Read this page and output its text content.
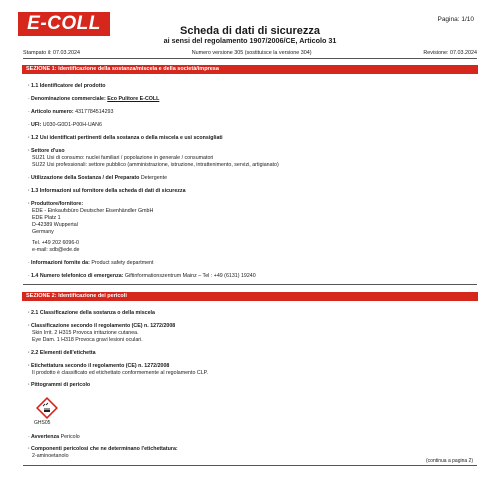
E-COLL	Pagina: 1/10
Scheda di dati di sicurezza
ai sensi del regolamento 1907/2006/CE, Articolo 31
Stampato il: 07.03.2024	Numero versione 305 (sostituisce la versione 304)	Revisione: 07.03.2024
SEZIONE 1: Identificazione della sostanza/miscela e della società/impresa
·1.1 Identificatore del prodotto
·Denominazione commerciale: Eco Pulitore E-COLL
·Articolo numero: 4317784514293
·UFI: U030-G0D1-P00H-UAN6
·1.2 Usi identificati pertinenti della sostanza o della miscela e usi sconsigliati
·Settore d'uso
SU21 Usi di consumo: nuclei familiari / popolazione in generale / consumatori
SU22 Usi professionali: settore pubblico (amministrazione, istruzione, intrattenimento, servizi, artigianato)
·Utilizzazione della Sostanza / del Preparato Detergente
·1.3 Informazioni sul fornitore della scheda di dati di sicurezza
·Produttore/fornitore:
EDE - Einkaufsbüro Deutscher Eisenhändler GmbH
EDE Platz 1
D-42389 Wuppertal
Germany
Tel. +49 202 6096-0
e-mail: sdb@ede.de
·Informazioni fornite da: Product safety department
·1.4 Numero telefonico di emergenza: Giftinformationszentrum Mainz – Tel : +49 (6131) 19240
SEZIONE 2: Identificazione dei pericoli
·2.1 Classificazione della sostanza o della miscela
·Classificazione secondo il regolamento (CE) n. 1272/2008
Skin Irrit. 2 H315 Provoca irritazione cutanea.
Eye Dam. 1 H318 Provoca gravi lesioni oculari.
·2.2 Elementi dell'etichetta
·Etichettatura secondo il regolamento (CE) n. 1272/2008
Il prodotto è classificato ed etichettato conformemente al regolamento CLP.
·Pittogrammi di pericolo
GHS05
·Avvertenza Pericolo
·Componenti pericolosi che ne determinano l'etichettatura:
2-aminoetanolo
(continua a pagina 2)
